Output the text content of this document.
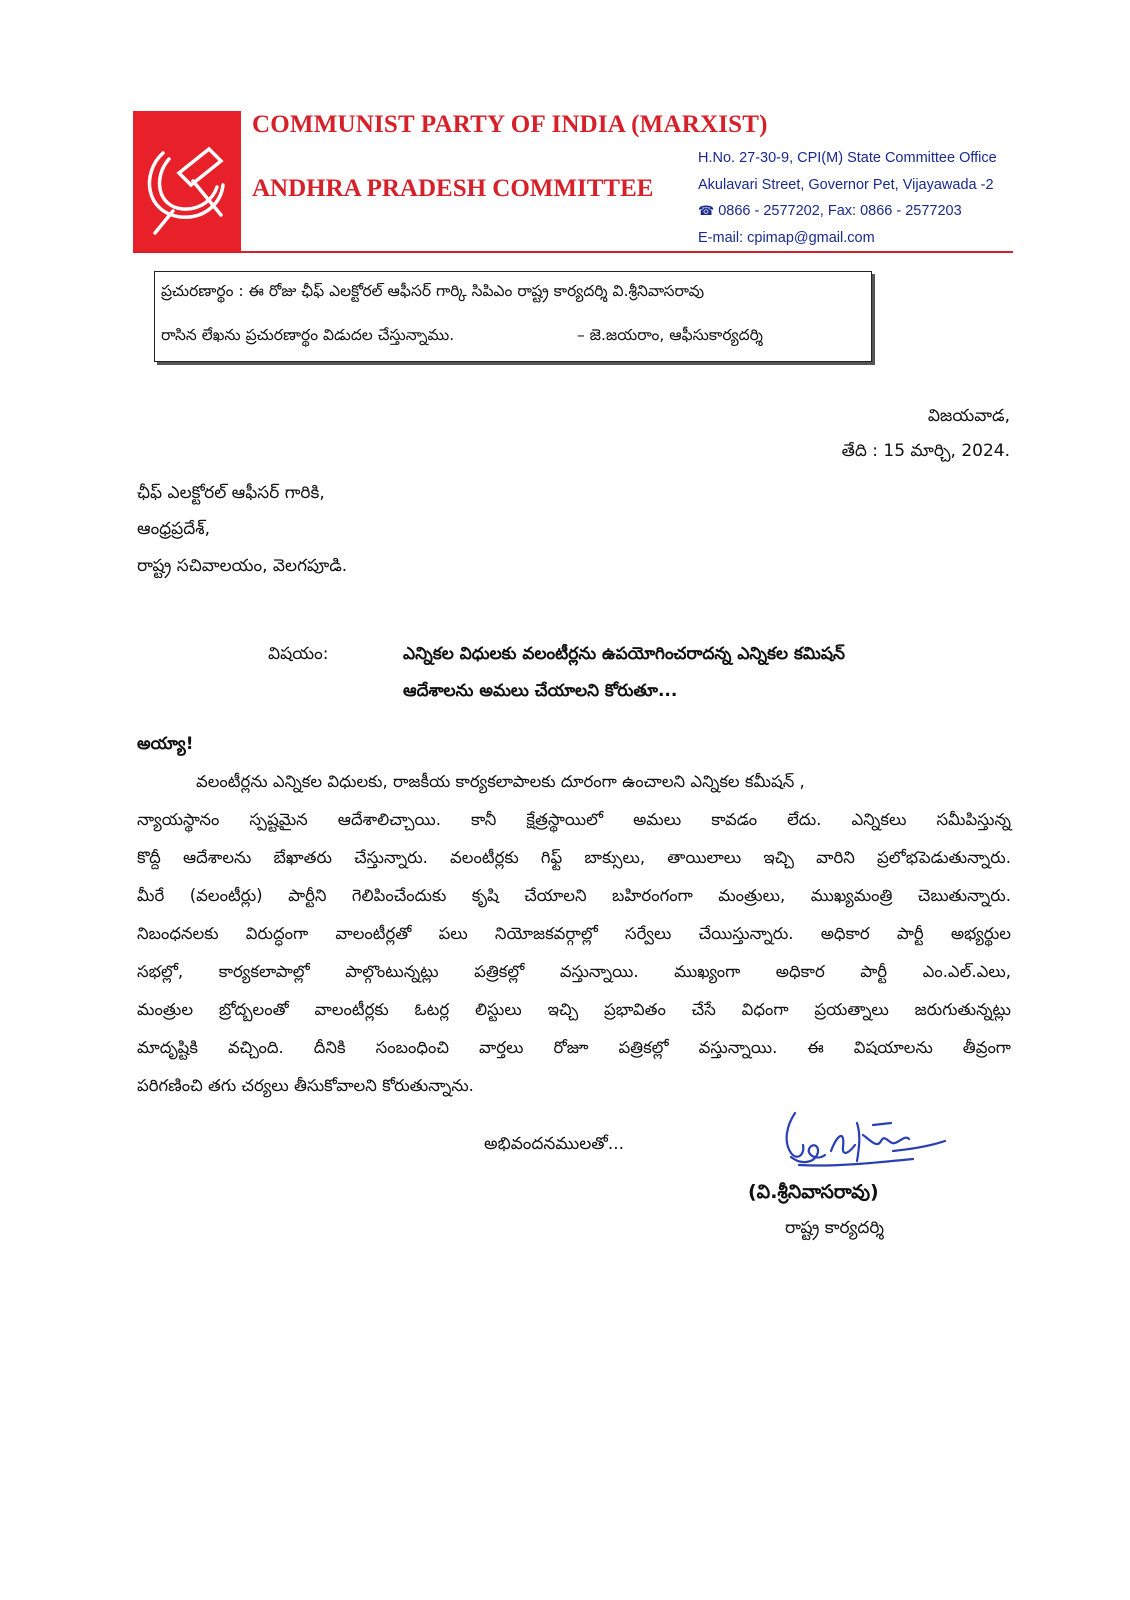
COMMUNIST PARTY OF INDIA (MARXIST)
ANDHRA PRADESH COMMITTEE
H.No. 27-30-9, CPI(M) State Committee Office
Akulavari Street, Governor Pet, Vijayawada -2
☎ 0866 - 2577202, Fax: 0866 - 2577203
E-mail: cpimap@gmail.com
ప్రచురణార్థం : ఈ రోజు ఛీఫ్ ఎలక్టోరల్ ఆఫీసర్ గార్కి సిపిఎం రాష్ట్ర కార్యదర్శి వి.శ్రీనివాసరావు
రాసిన లేఖను ప్రచురణార్థం విడుదల చేస్తున్నాము.	– జె.జయరాం, ఆఫీసుకార్యదర్శి
విజయవాడ,
తేది : 15 మార్చి, 2024.
ఛీఫ్ ఎలక్టోరల్ ఆఫీసర్ గారికి,
ఆంధ్రప్రదేశ్,
రాష్ట్ర సచివాలయం, వెలగపూడి.
విషయం:	ఎన్నికల విధులకు వలంటీర్లను ఉపయోగించరాదన్న ఎన్నికల కమిషన్
ఆదేశాలను అమలు చేయాలని కోరుతూ...
అయ్యా!
వలంటీర్లను ఎన్నికల విధులకు, రాజకీయ కార్యకలాపాలకు దూరంగా ఉంచాలని ఎన్నికల కమీషన్ ,
న్యాయస్థానం స్పష్టమైన ఆదేశాలిచ్చాయి. కానీ క్షేత్రస్థాయిలో అమలు కావడం లేదు. ఎన్నికలు సమీపిస్తున్న
కొద్దీ ఆదేశాలను బేఖాతరు చేస్తున్నారు. వలంటీర్లకు గిఫ్ట్ బాక్సులు, తాయిలాలు ఇచ్చి వారిని ప్రలోభపెడుతున్నారు.
మీరే (వలంటీర్లు) పార్టీని గెలిపించేందుకు కృషి చేయాలని బహిరంగంగా మంత్రులు, ముఖ్యమంత్రి చెబుతున్నారు.
నిబంధనలకు విరుద్ధంగా వాలంటీర్లతో పలు నియోజకవర్గాల్లో సర్వేలు చేయిస్తున్నారు. అధికార పార్టీ అభ్యర్థుల
సభల్లో, కార్యకలాపాల్లో పాల్గొంటున్నట్లు పత్రికల్లో వస్తున్నాయి. ముఖ్యంగా అధికార పార్టీ ఎం.ఎల్.ఎలు,
మంత్రుల బ్రోద్బలంతో వాలంటీర్లకు ఓటర్ల లిస్టులు ఇచ్చి ప్రభావితం చేసే విధంగా ప్రయత్నాలు జరుగుతున్నట్లు
మాదృష్టికి వచ్చింది. దీనికి సంబంధించి వార్తలు రోజూ పత్రికల్లో వస్తున్నాయి. ఈ విషయాలను తీవ్రంగా
పరిగణించి తగు చర్యలు తీసుకోవాలని కోరుతున్నాను.
అభివందనములతో...
(వి.శ్రీనివాసరావు)
రాష్ట్ర కార్యదర్శి
